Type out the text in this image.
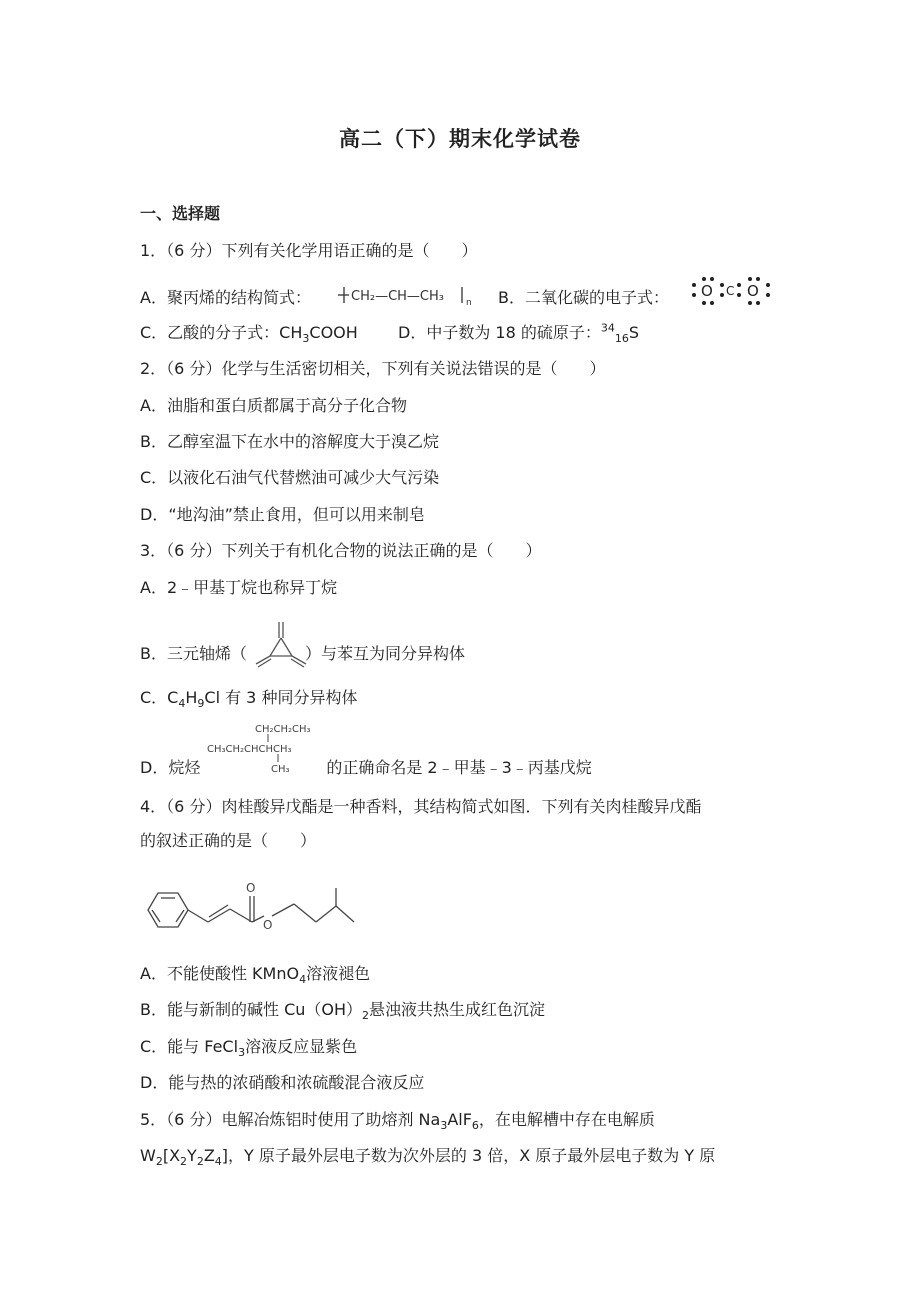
高二（下）期末化学试卷
一、选择题
1．（6 分）下列有关化学用语正确的是（　　）
A．聚丙烯的结构简式：	CH₂—CH—CH₃ n B．二氧化碳的电子式： O C O
C．乙酸的分子式：$CH_3COOH$	D．中子数为 18 的硫原子：$^{34}_{16}$S
2．（6 分）化学与生活密切相关，下列有关说法错误的是（　　）
A．油脂和蛋白质都属于高分子化合物
B．乙醇室温下在水中的溶解度大于溴乙烷
C．以液化石油气代替燃油可减少大气污染
D．“地沟油”禁止食用，但可以用来制皂
3．（6 分）下列关于有机化合物的说法正确的是（　　）
A．2﹣甲基丁烷也称异丁烷
B．三元轴烯（	）与苯互为同分异构体
C．$C_4H_9Cl$ 有 3 种同分异构体
CH₂CH₂CH₃
CH₃CH₂CHCHCH₃
CH₃
D．烷烃	的正确命名是 2﹣甲基﹣3﹣丙基戊烷
4．（6 分）肉桂酸异戊酯是一种香料，其结构简式如图．下列有关肉桂酸异戊酯
的叙述正确的是（　　）
O
O
A．不能使酸性 KMnO$_4$溶液褪色
B．能与新制的碱性 $Cu(OH)_2$悬浊液共热生成红色沉淀
C．能与 FeCl$_3$溶液反应显紫色
D．能与热的浓硝酸和浓硫酸混合液反应
5．（6 分）电解冶炼铝时使用了助熔剂 $Na_3AlF_6$，在电解槽中存在电解质
$W_2[X_2Y_2Z_4]$，Y 原子最外层电子数为次外层的 3 倍，X 原子最外层电子数为 Y 原
